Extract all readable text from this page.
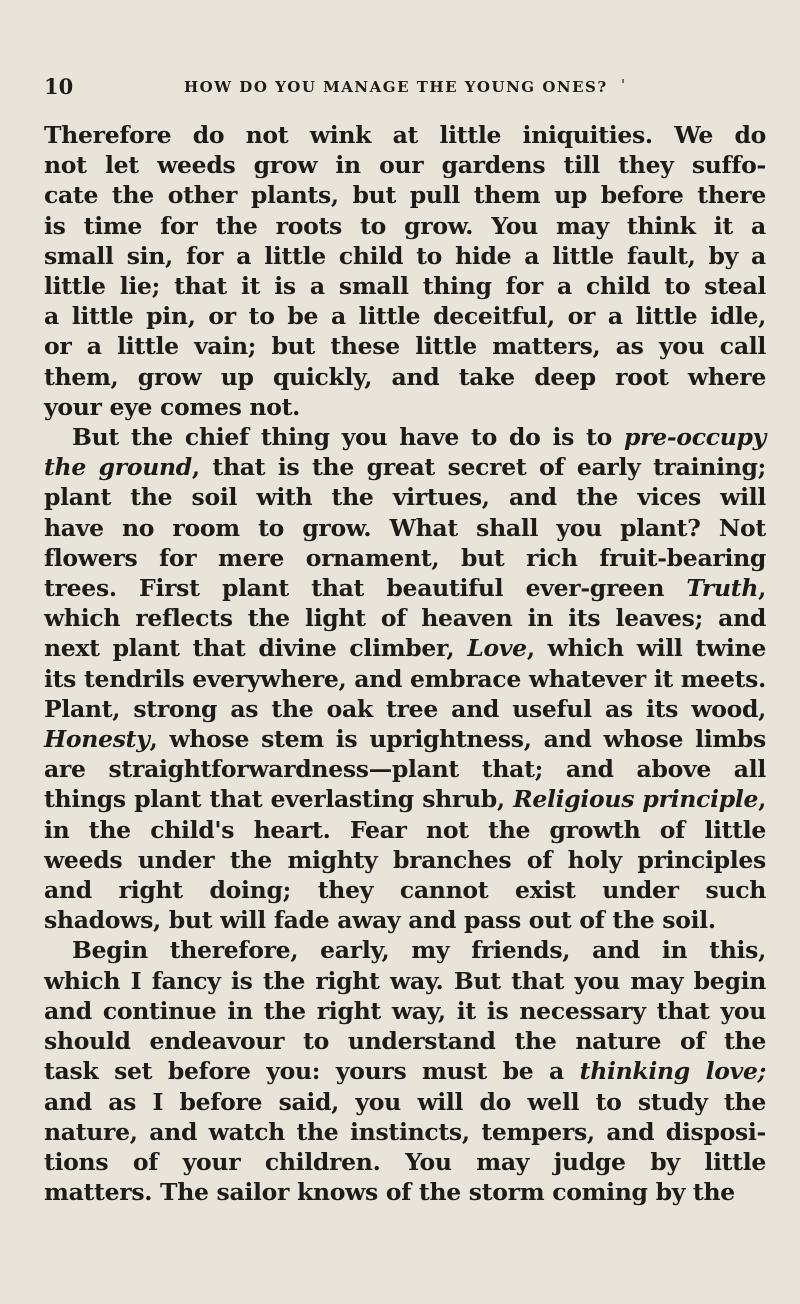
10	HOW DO YOU MANAGE THE YOUNG ONES? '
Therefore do not wink at little iniquities. We do
not let weeds grow in our gardens till they suffo-
cate the other plants, but pull them up before there
is time for the roots to grow. You may think it a
small sin, for a little child to hide a little fault, by a
little lie; that it is a small thing for a child to steal
a little pin, or to be a little deceitful, or a little idle,
or a little vain; but these little matters, as you call
them, grow up quickly, and take deep root where
your eye comes not.
But the chief thing you have to do is to pre-occupy
the ground, that is the great secret of early training;
plant the soil with the virtues, and the vices will
have no room to grow. What shall you plant? Not
flowers for mere ornament, but rich fruit-bearing
trees. First plant that beautiful ever-green Truth,
which reflects the light of heaven in its leaves; and
next plant that divine climber, Love, which will twine
its tendrils everywhere, and embrace whatever it meets.
Plant, strong as the oak tree and useful as its wood,
Honesty, whose stem is uprightness, and whose limbs
are straightforwardness—plant that; and above all
things plant that everlasting shrub, Religious principle,
in the child's heart. Fear not the growth of little
weeds under the mighty branches of holy principles
and right doing; they cannot exist under such
shadows, but will fade away and pass out of the soil.
Begin therefore, early, my friends, and in this,
which I fancy is the right way. But that you may begin
and continue in the right way, it is necessary that you
should endeavour to understand the nature of the
task set before you: yours must be a thinking love;
and as I before said, you will do well to study the
nature, and watch the instincts, tempers, and disposi-
tions of your children. You may judge by little
matters. The sailor knows of the storm coming by the
